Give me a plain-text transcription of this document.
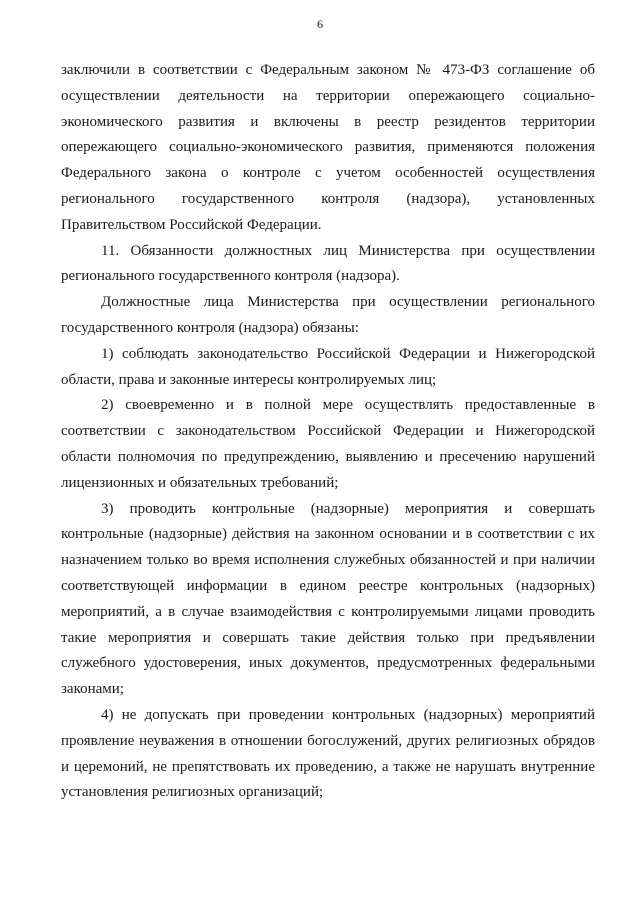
6

заключили в соответствии с Федеральным законом № 473-ФЗ соглашение об осуществлении деятельности на территории опережающего социально-экономического развития и включены в реестр резидентов территории опережающего социально-экономического развития, применяются положения Федерального закона о контроле с учетом особенностей осуществления регионального государственного контроля (надзора), установленных Правительством Российской Федерации.

11. Обязанности должностных лиц Министерства при осуществлении регионального государственного контроля (надзора).

Должностные лица Министерства при осуществлении регионального государственного контроля (надзора) обязаны:

1) соблюдать законодательство Российской Федерации и Нижегородской области, права и законные интересы контролируемых лиц;

2) своевременно и в полной мере осуществлять предоставленные в соответствии с законодательством Российской Федерации и Нижегородской области полномочия по предупреждению, выявлению и пресечению нарушений лицензионных и обязательных требований;

3) проводить контрольные (надзорные) мероприятия и совершать контрольные (надзорные) действия на законном основании и в соответствии с их назначением только во время исполнения служебных обязанностей и при наличии соответствующей информации в едином реестре контрольных (надзорных) мероприятий, а в случае взаимодействия с контролируемыми лицами проводить такие мероприятия и совершать такие действия только при предъявлении служебного удостоверения, иных документов, предусмотренных федеральными законами;

4) не допускать при проведении контрольных (надзорных) мероприятий проявление неуважения в отношении богослужений, других религиозных обрядов и церемоний, не препятствовать их проведению, а также не нарушать внутренние установления религиозных организаций;
